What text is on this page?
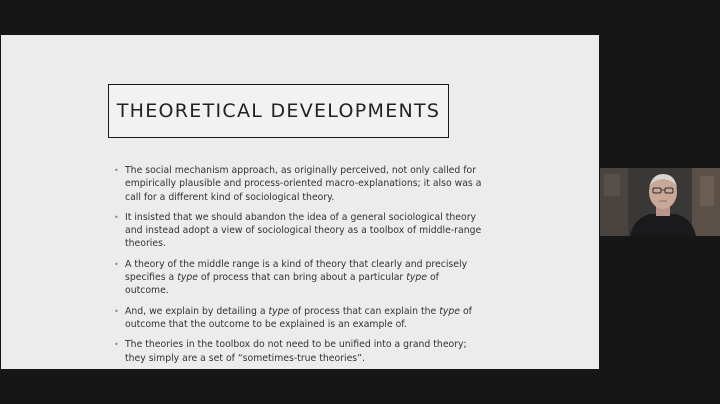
THEORETICAL DEVELOPMENTS
• The social mechanism approach, as originally perceived, not only called for empirically plausible and process-oriented macro-explanations; it also was a call for a different kind of sociological theory.
• It insisted that we should abandon the idea of a general sociological theory and instead adopt a view of sociological theory as a toolbox of middle-range theories.
• A theory of the middle range is a kind of theory that clearly and precisely specifies a type of process that can bring about a particular type of outcome.
• And, we explain by detailing a type of process that can explain the type of outcome that the outcome to be explained is an example of.
• The theories in the toolbox do not need to be unified into a grand theory; they simply are a set of “sometimes-true theories”.
